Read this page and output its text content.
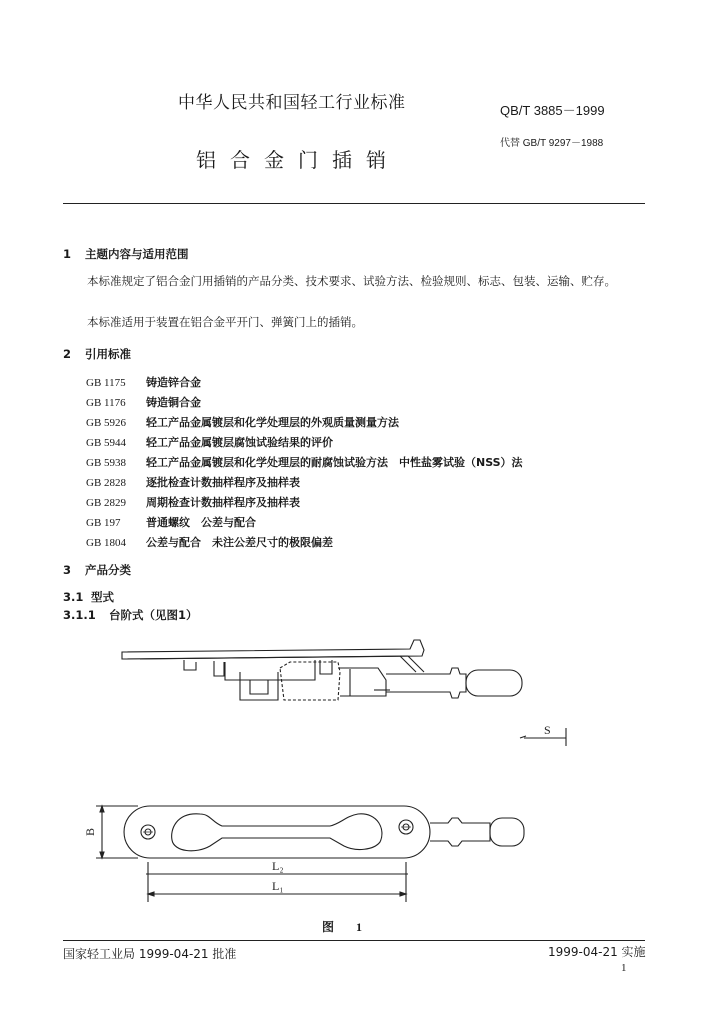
中华人民共和国轻工行业标准	QB/T 3885－1999
代替 GB/T 9297－1988
铝合金门插销
1 主题内容与适用范围
本标准规定了铝合金门用插销的产品分类、技术要求、试验方法、检验规则、标志、包装、运输、贮存。
本标准适用于装置在铝合金平开门、弹簧门上的插销。
2 引用标准
GB 1175 铸造锌合金
GB 1176 铸造铜合金
GB 5926 轻工产品金属镀层和化学处理层的外观质量测量方法
GB 5944 轻工产品金属镀层腐蚀试验结果的评价
GB 5938 轻工产品金属镀层和化学处理层的耐腐蚀试验方法　中性盐雾试验（NSS）法
GB 2828 逐批检查计数抽样程序及抽样表
GB 2829 周期检查计数抽样程序及抽样表
GB 197 普通螺纹　公差与配合
GB 1804 公差与配合　未注公差尺寸的极限偏差
3 产品分类
3.1 型式
3.1.1 台阶式（见图1）
S
B
L₂
L₁
图 1
国家轻工业局 1999-04-21 批准	1999-04-21 实施
1
